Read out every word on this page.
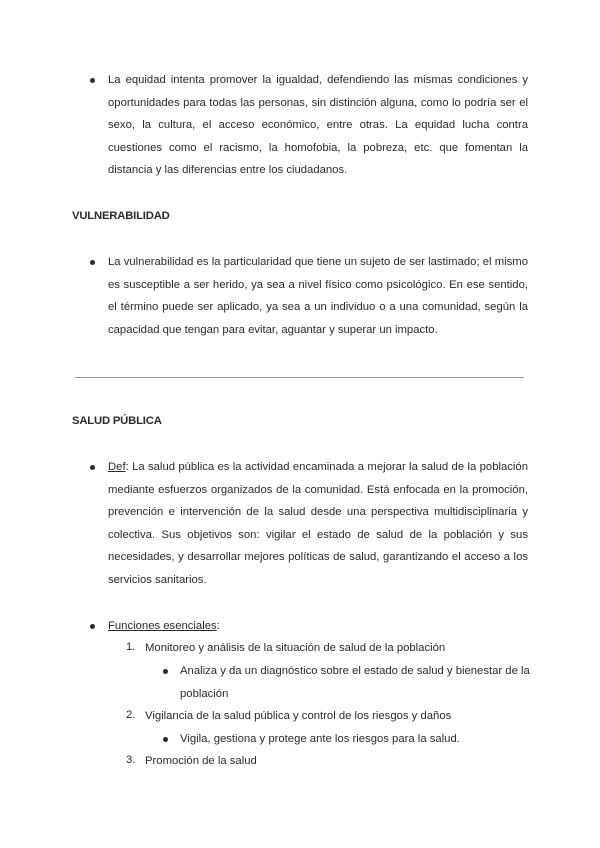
La equidad intenta promover la igualdad, defendiendo las mismas condiciones y oportunidades para todas las personas, sin distinción alguna, como lo podría ser el sexo, la cultura, el acceso económico, entre otras. La equidad lucha contra cuestiones como el racismo, la homofobia, la pobreza, etc. que fomentan la distancia y las diferencias entre los ciudadanos.

VULNERABILIDAD

La vulnerabilidad es la particularidad que tiene un sujeto de ser lastimado; el mismo es susceptible a ser herido, ya sea a nivel físico como psicológico. En ese sentido, el término puede ser aplicado, ya sea a un individuo o a una comunidad, según la capacidad que tengan para evitar, aguantar y superar un impacto.

SALUD PÚBLICA

Def: La salud pública es la actividad encaminada a mejorar la salud de la población mediante esfuerzos organizados de la comunidad. Está enfocada en la promoción, prevención e intervención de la salud desde una perspectiva multidisciplinaria y colectiva. Sus objetivos son: vigilar el estado de salud de la población y sus necesidades, y desarrollar mejores políticas de salud, garantizando el acceso a los servicios sanitarios.

Funciones esenciales:
1. Monitoreo y análisis de la situación de salud de la población
Analiza y da un diagnóstico sobre el estado de salud y bienestar de la población
2. Vigilancia de la salud pública y control de los riesgos y daños
Vigila, gestiona y protege ante los riesgos para la salud.
3. Promoción de la salud
